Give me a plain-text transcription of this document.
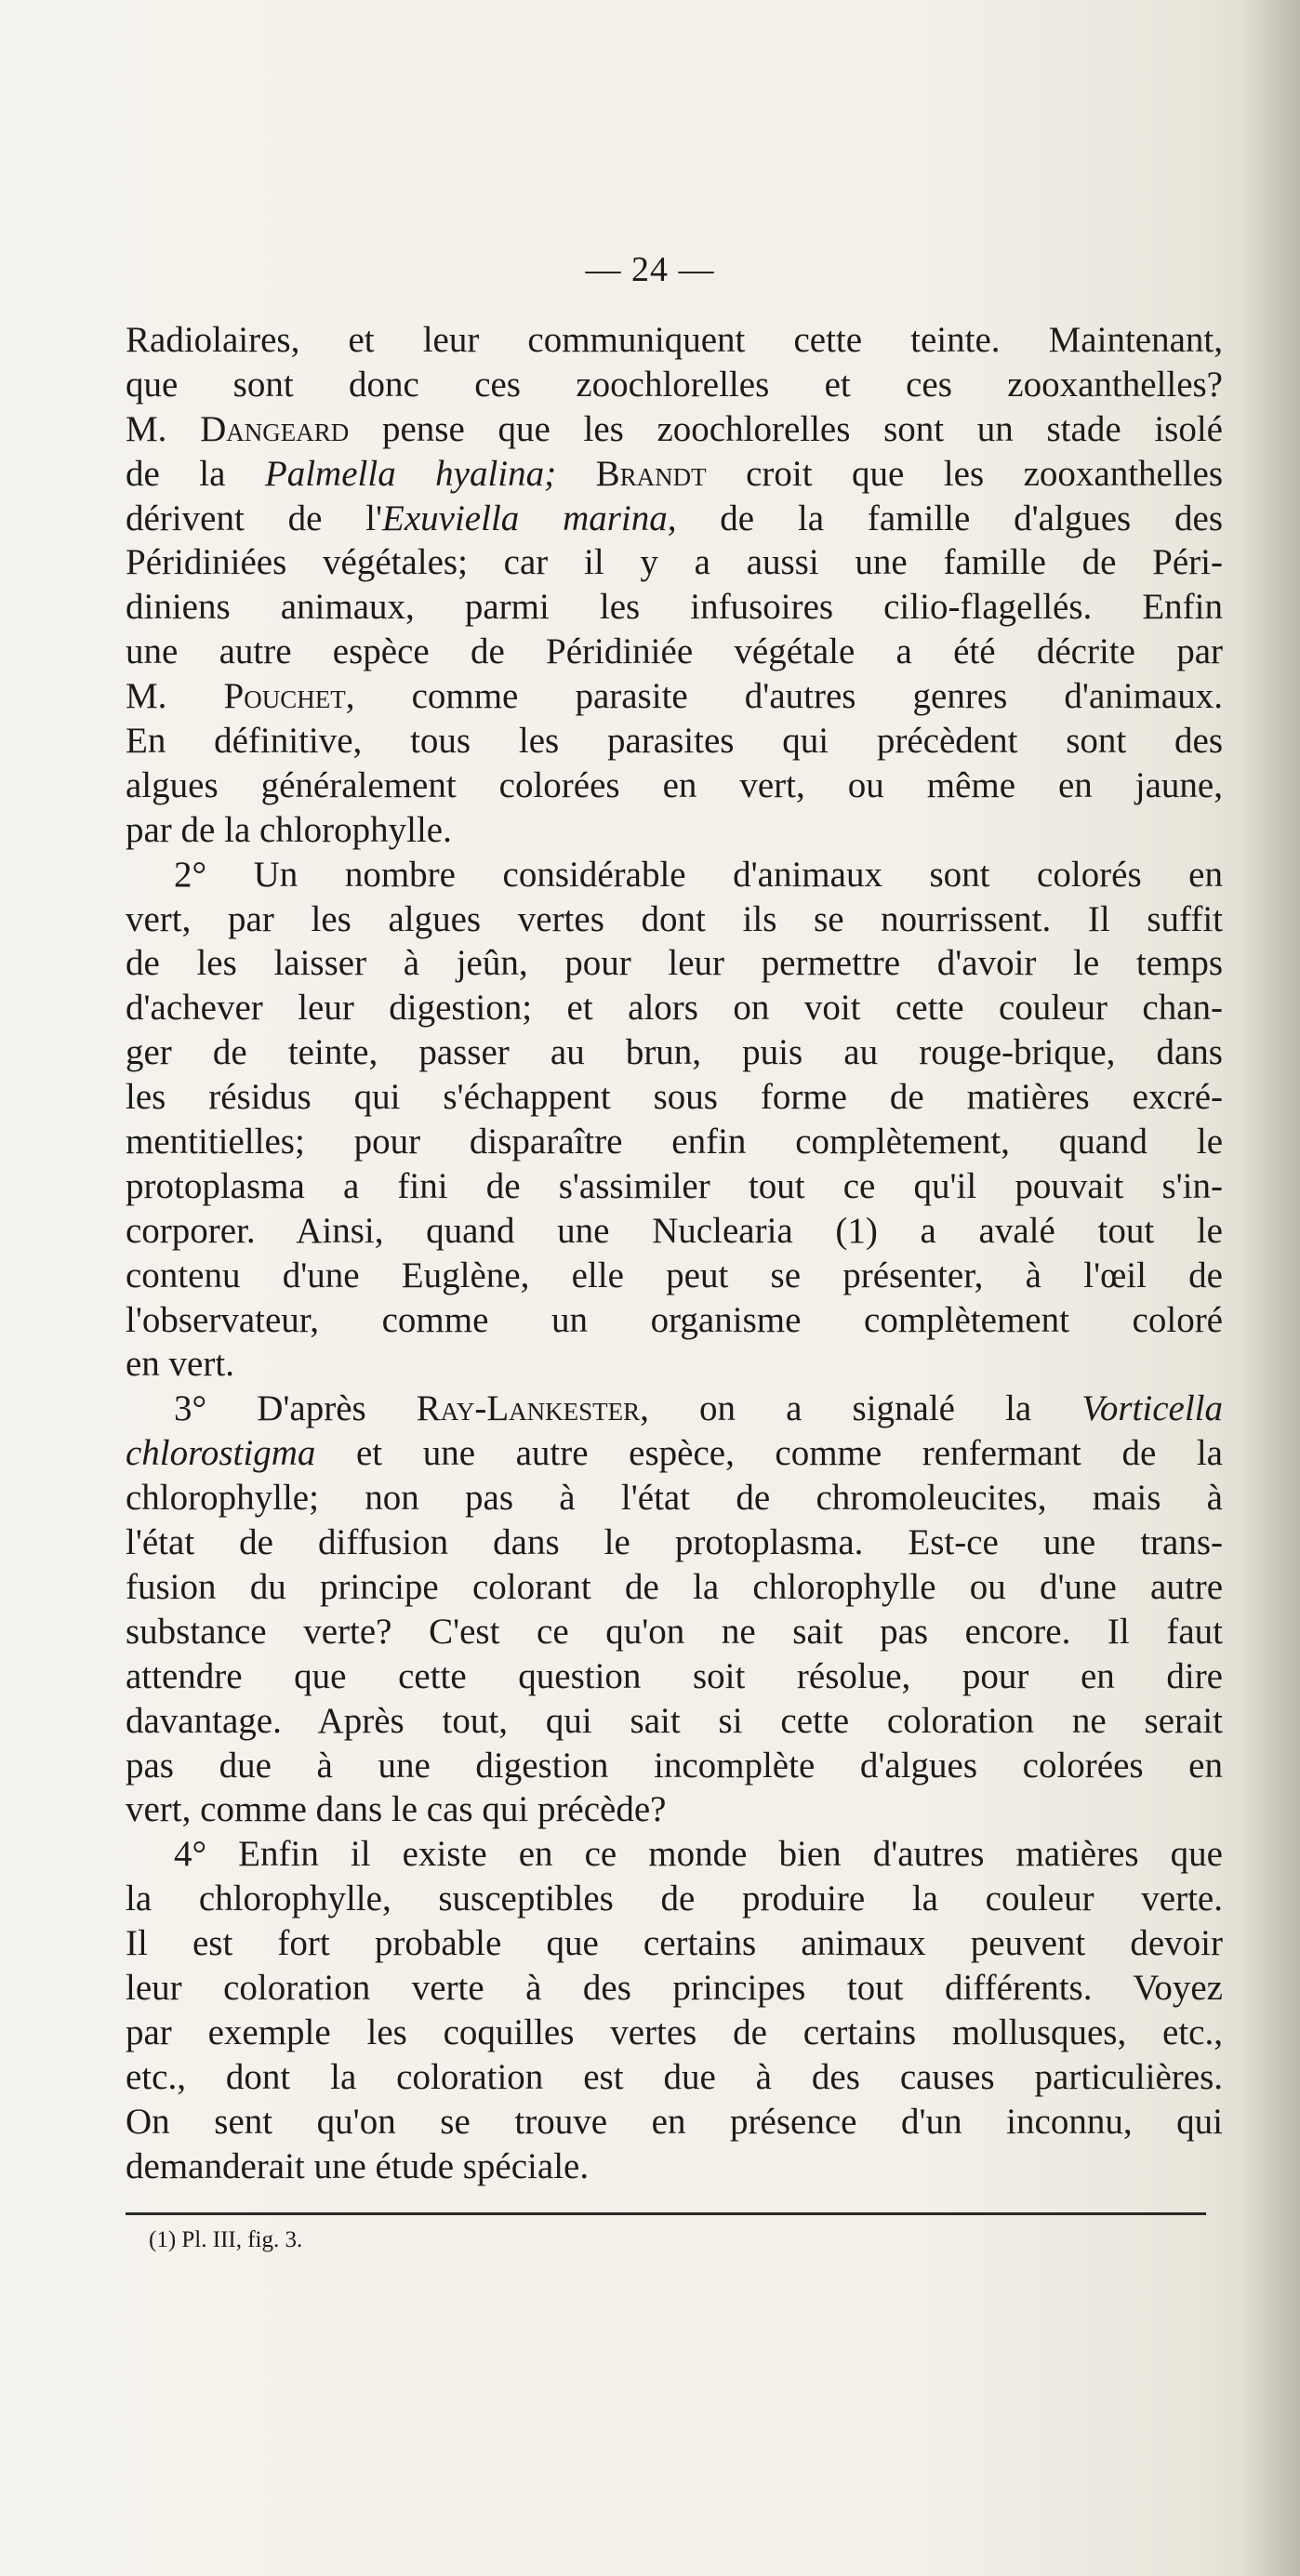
— 24 —
Radiolaires, et leur communiquent cette teinte. Maintenant,
que sont donc ces zoochlorelles et ces zooxanthelles?
M. Dangeard pense que les zoochlorelles sont un stade isolé
de la Palmella hyalina; Brandt croit que les zooxanthelles
dérivent de l'Exuviella marina, de la famille d'algues des
Péridiniées végétales; car il y a aussi une famille de Péri-
diniens animaux, parmi les infusoires cilio-flagellés. Enfin
une autre espèce de Péridiniée végétale a été décrite par
M. Pouchet, comme parasite d'autres genres d'animaux.
En définitive, tous les parasites qui précèdent sont des
algues généralement colorées en vert, ou même en jaune,
par de la chlorophylle.
2° Un nombre considérable d'animaux sont colorés en
vert, par les algues vertes dont ils se nourrissent. Il suffit
de les laisser à jeûn, pour leur permettre d'avoir le temps
d'achever leur digestion; et alors on voit cette couleur chan-
ger de teinte, passer au brun, puis au rouge-brique, dans
les résidus qui s'échappent sous forme de matières excré-
mentitielles; pour disparaître enfin complètement, quand le
protoplasma a fini de s'assimiler tout ce qu'il pouvait s'in-
corporer. Ainsi, quand une Nuclearia (1) a avalé tout le
contenu d'une Euglène, elle peut se présenter, à l'œil de
l'observateur, comme un organisme complètement coloré
en vert.
3° D'après Ray-Lankester, on a signalé la Vorticella
chlorostigma et une autre espèce, comme renfermant de la
chlorophylle; non pas à l'état de chromoleucites, mais à
l'état de diffusion dans le protoplasma. Est-ce une trans-
fusion du principe colorant de la chlorophylle ou d'une autre
substance verte? C'est ce qu'on ne sait pas encore. Il faut
attendre que cette question soit résolue, pour en dire
davantage. Après tout, qui sait si cette coloration ne serait
pas due à une digestion incomplète d'algues colorées en
vert, comme dans le cas qui précède?
4° Enfin il existe en ce monde bien d'autres matières que
la chlorophylle, susceptibles de produire la couleur verte.
Il est fort probable que certains animaux peuvent devoir
leur coloration verte à des principes tout différents. Voyez
par exemple les coquilles vertes de certains mollusques, etc.,
etc., dont la coloration est due à des causes particulières.
On sent qu'on se trouve en présence d'un inconnu, qui
demanderait une étude spéciale.
(1) Pl. III, fig. 3.
